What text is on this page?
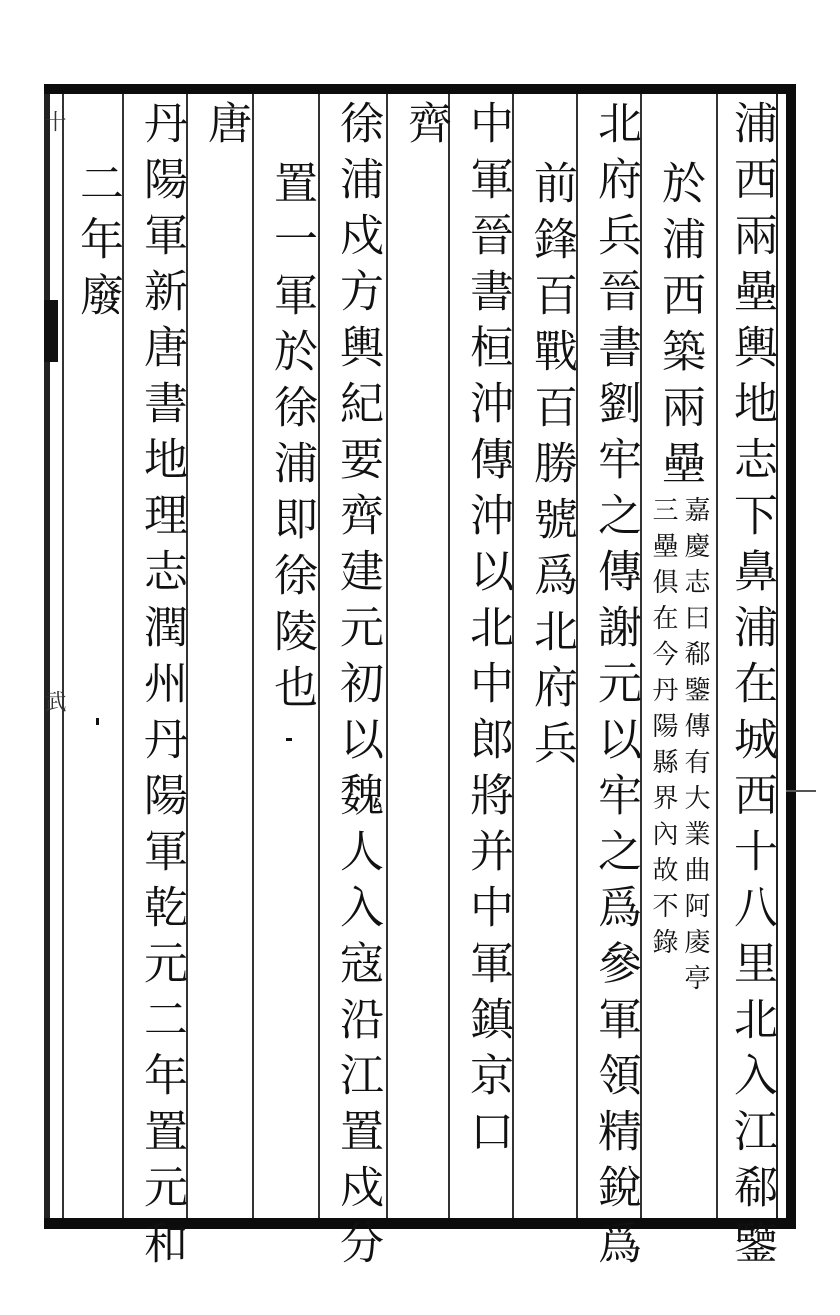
浦西兩壘輿地志下鼻浦在城西十八里北入江郗鑒
於浦西築兩壘
嘉慶志曰郗鑒傳有大業曲阿庱亭
三壘俱在今丹陽縣界內故不錄
北府兵晉書劉牢之傳謝元以牢之爲參軍領精銳爲
前鋒百戰百勝號爲北府兵
中軍晉書桓沖傳沖以北中郎將并中軍鎮京口
齊
徐浦戍方輿紀要齊建元初以魏人入寇沿江置戍分
置一軍於徐浦即徐陵也
唐
丹陽軍新唐書地理志潤州丹陽軍乾元二年置元和
二年廢
十
武
